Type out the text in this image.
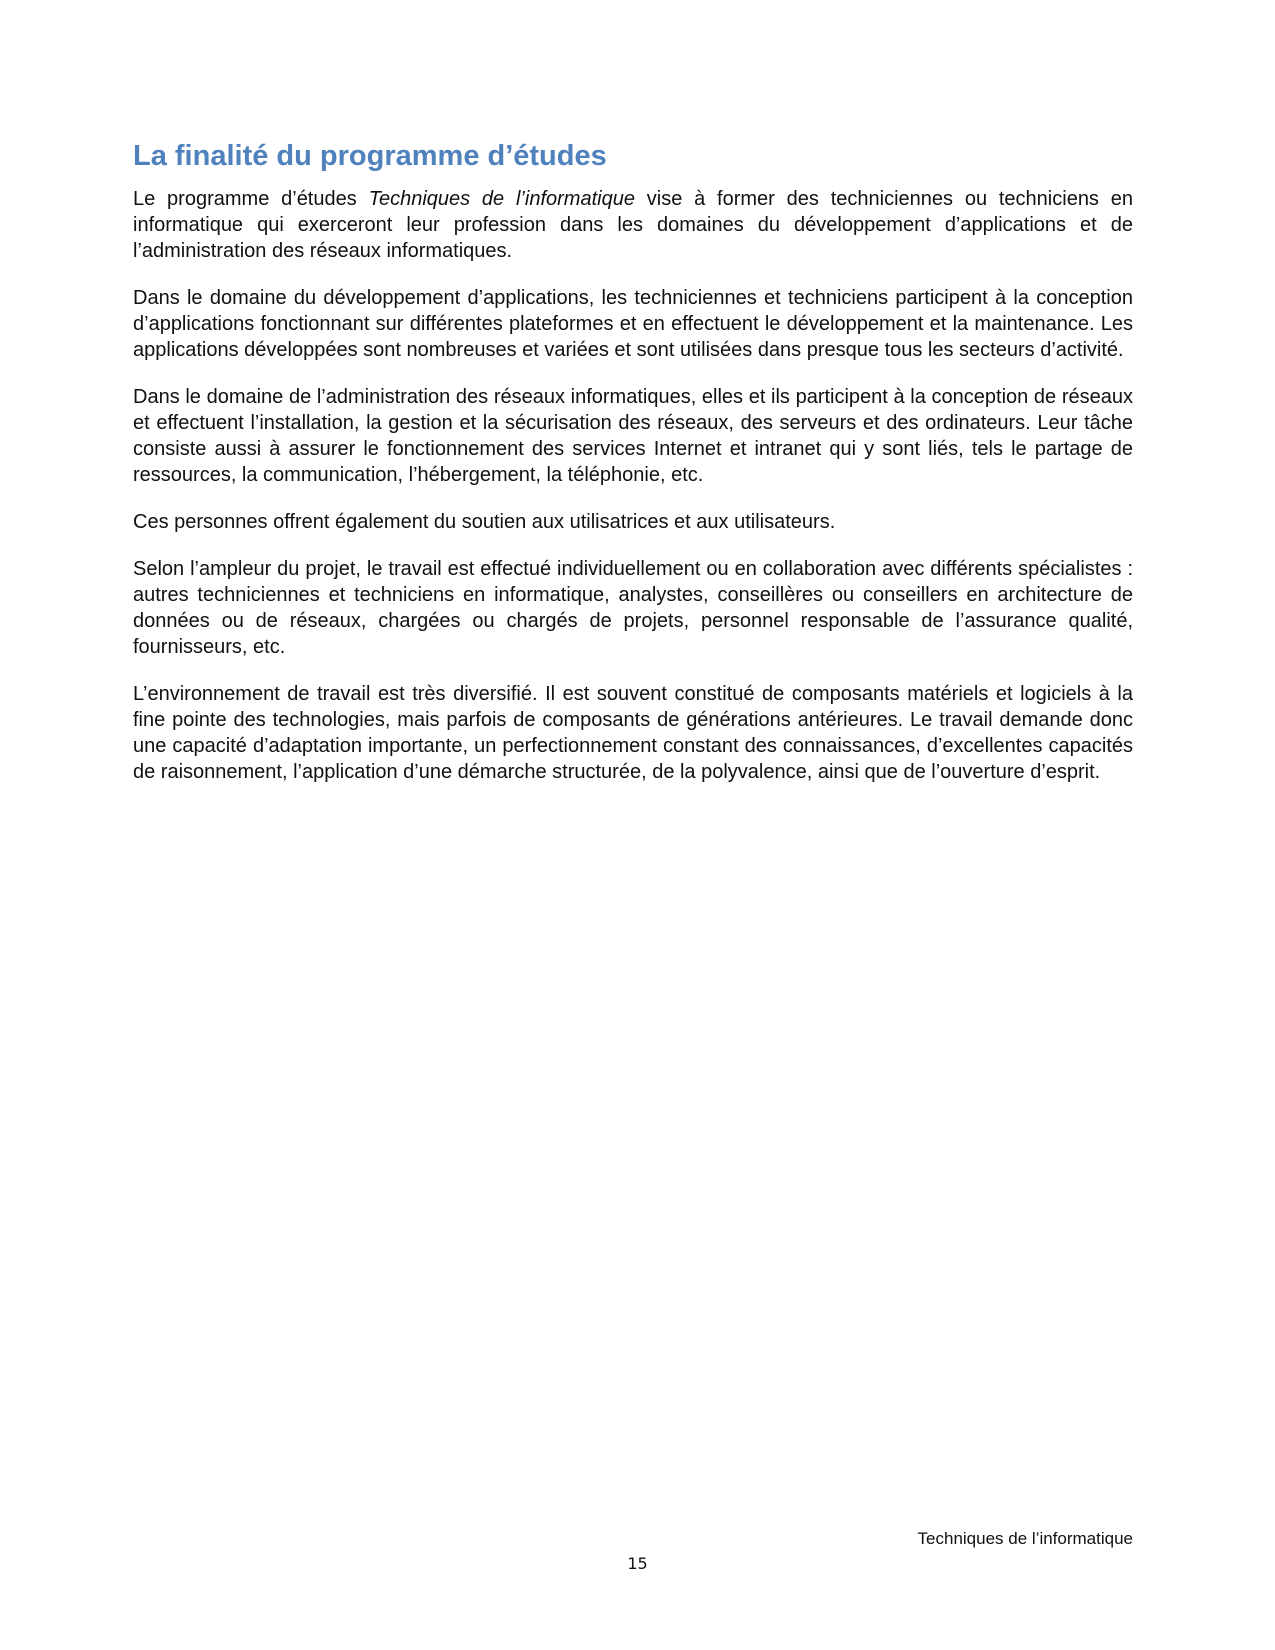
La finalité du programme d’études

Le programme d’études Techniques de l’informatique vise à former des techniciennes ou techniciens en informatique qui exerceront leur profession dans les domaines du développement d’applications et de l’administration des réseaux informatiques.

Dans le domaine du développement d’applications, les techniciennes et techniciens participent à la conception d’applications fonctionnant sur différentes plateformes et en effectuent le développement et la maintenance. Les applications développées sont nombreuses et variées et sont utilisées dans presque tous les secteurs d’activité.

Dans le domaine de l’administration des réseaux informatiques, elles et ils participent à la conception de réseaux et effectuent l’installation, la gestion et la sécurisation des réseaux, des serveurs et des ordinateurs. Leur tâche consiste aussi à assurer le fonctionnement des services Internet et intranet qui y sont liés, tels le partage de ressources, la communication, l’hébergement, la téléphonie, etc.

Ces personnes offrent également du soutien aux utilisatrices et aux utilisateurs.

Selon l’ampleur du projet, le travail est effectué individuellement ou en collaboration avec différents spécialistes : autres techniciennes et techniciens en informatique, analystes, conseillères ou conseillers en architecture de données ou de réseaux, chargées ou chargés de projets, personnel responsable de l’assurance qualité, fournisseurs, etc.

L’environnement de travail est très diversifié. Il est souvent constitué de composants matériels et logiciels à la fine pointe des technologies, mais parfois de composants de générations antérieures. Le travail demande donc une capacité d’adaptation importante, un perfectionnement constant des connaissances, d’excellentes capacités de raisonnement, l’application d’une démarche structurée, de la polyvalence, ainsi que de l’ouverture d’esprit.

Techniques de l’informatique
15
